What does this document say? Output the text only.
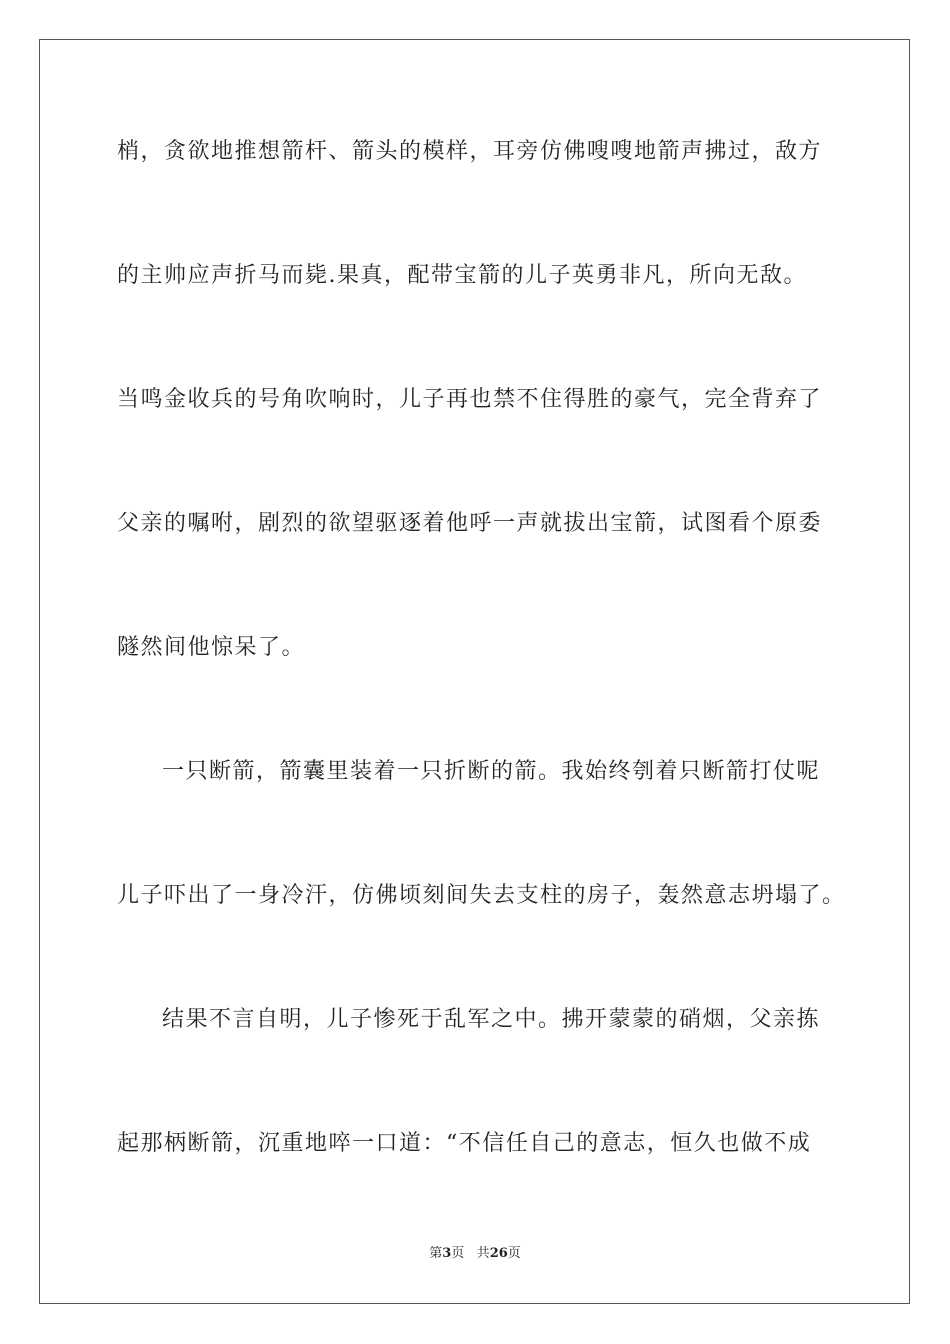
梢，贪欲地推想箭杆、箭头的模样，耳旁仿佛嗖嗖地箭声拂过，敌方
的主帅应声折马而毙.果真，配带宝箭的儿子英勇非凡，所向无敌。
当鸣金收兵的号角吹响时，儿子再也禁不住得胜的豪气，完全背弃了
父亲的嘱咐，剧烈的欲望驱逐着他呼一声就拔出宝箭，试图看个原委
隧然间他惊呆了。
一只断箭，箭囊里装着一只折断的箭。我始终刳着只断箭打仗呢
儿子吓出了一身冷汗，仿佛顷刻间失去支柱的房子，轰然意志坍塌了。
结果不言自明，儿子惨死于乱军之中。拂开蒙蒙的硝烟，父亲拣
起那柄断箭，沉重地啐一口道：“不信任自己的意志，恒久也做不成
第3页 共26页
